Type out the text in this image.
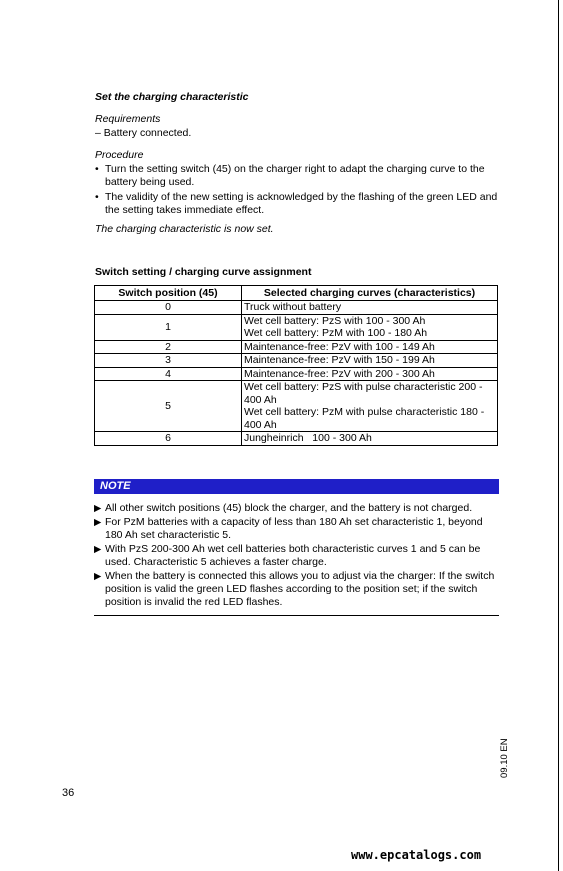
Set the charging characteristic

Requirements

– Battery connected.

Procedure

• Turn the setting switch (45) on the charger right to adapt the charging curve to the battery being used.
• The validity of the new setting is acknowledged by the flashing of the green LED and the setting takes immediate effect.

The charging characteristic is now set.

Switch setting / charging curve assignment

Switch position (45)	Selected charging curves (characteristics)
0	Truck without battery

1	Wet cell battery: PzS with 100 - 300 Ah
Wet cell battery: PzM with 100 - 180 Ah

2	Maintenance-free: PzV with 100 - 149 Ah

3	Maintenance-free: PzV with 150 - 199 Ah

4	Maintenance-free: PzV with 200 - 300 Ah

5	Wet cell battery: PzS with pulse characteristic 200 - 400 Ah
Wet cell battery: PzM with pulse characteristic 180 - 400 Ah

6	Jungheinrich   100 - 300 Ah
NOTE
▶ All other switch positions (45) block the charger, and the battery is not charged.
▶ For PzM batteries with a capacity of less than 180 Ah set characteristic 1, beyond 180 Ah set characteristic 5.
▶ With PzS 200-300 Ah wet cell batteries both characteristic curves 1 and 5 can be used. Characteristic 5 achieves a faster charge.
▶ When the battery is connected this allows you to adjust via the charger: If the switch position is valid the green LED flashes according to the position set; if the switch position is invalid the red LED flashes.
36
09.10 EN
www.epcatalogs.com
